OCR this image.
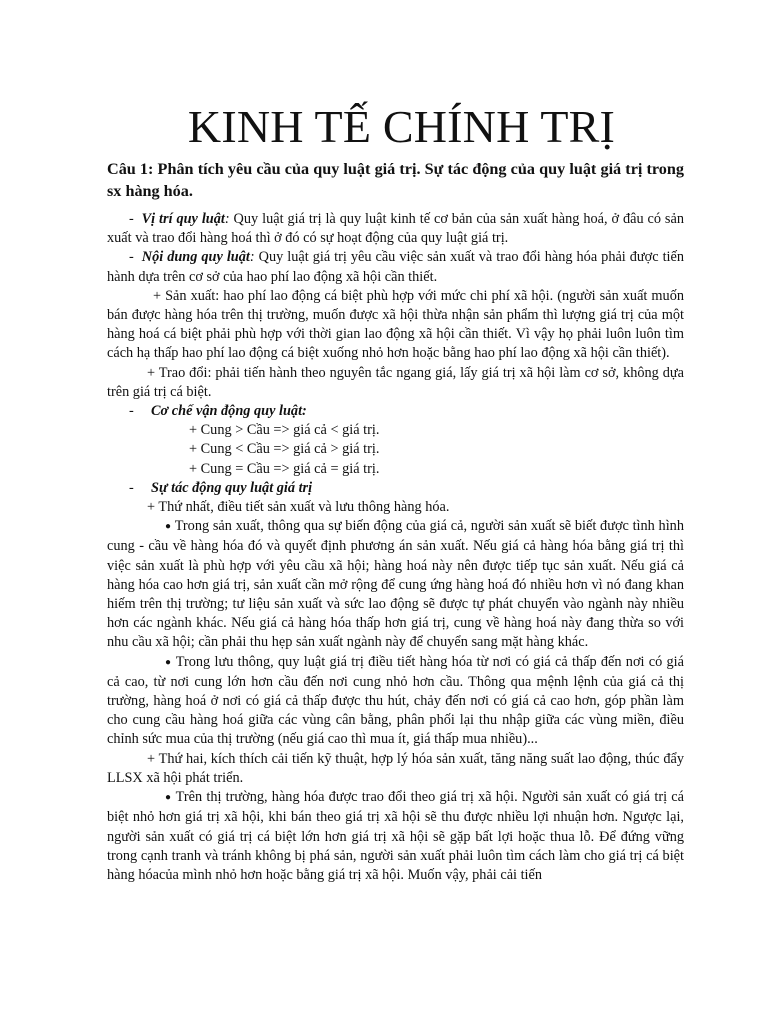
KINH TẾ CHÍNH TRỊ

Câu 1: Phân tích yêu cầu của quy luật giá trị. Sự tác động của quy luật giá trị trong sx hàng hóa.

- Vị trí quy luật: Quy luật giá trị là quy luật kinh tế cơ bản của sản xuất hàng hoá, ở đâu có sản xuất và trao đổi hàng hoá thì ở đó có sự hoạt động của quy luật giá trị.

- Nội dung quy luật: Quy luật giá trị yêu cầu việc sản xuất và trao đổi hàng hóa phải được tiến hành dựa trên cơ sở của hao phí lao động xã hội cần thiết.

+ Sản xuất: hao phí lao động cá biệt phù hợp với mức chi phí xã hội. (người sản xuất muốn bán được hàng hóa trên thị trường, muốn được xã hội thừa nhận sản phẩm thì lượng giá trị của một hàng hoá cá biệt phải phù hợp với thời gian lao động xã hội cần thiết. Vì vậy họ phải luôn luôn tìm cách hạ thấp hao phí lao động cá biệt xuống nhỏ hơn hoặc bằng hao phí lao động xã hội cần thiết).

+ Trao đổi: phải tiến hành theo nguyên tắc ngang giá, lấy giá trị xã hội làm cơ sở, không dựa trên giá trị cá biệt.

- Cơ chế vận động quy luật:

+ Cung > Cầu => giá cả < giá trị.

+ Cung < Cầu => giá cả > giá trị.

+ Cung = Cầu => giá cả = giá trị.

- Sự tác động quy luật giá trị

+ Thứ nhất, điều tiết sản xuất và lưu thông hàng hóa.

● Trong sản xuất, thông qua sự biến động của giá cả, người sản xuất sẽ biết được tình hình cung - cầu về hàng hóa đó và quyết định phương án sản xuất. Nếu giá cả hàng hóa bằng giá trị thì việc sản xuất là phù hợp với yêu cầu xã hội; hàng hoá này nên được tiếp tục sản xuất. Nếu giá cả hàng hóa cao hơn giá trị, sản xuất cần mở rộng để cung ứng hàng hoá đó nhiều hơn vì nó đang khan hiếm trên thị trường; tư liệu sản xuất và sức lao động sẽ được tự phát chuyển vào ngành này nhiều hơn các ngành khác. Nếu giá cả hàng hóa thấp hơn giá trị, cung về hàng hoá này đang thừa so với nhu cầu xã hội; cần phải thu hẹp sản xuất ngành này để chuyển sang mặt hàng khác.

● Trong lưu thông, quy luật giá trị điều tiết hàng hóa từ nơi có giá cả thấp đến nơi có giá cả cao, từ nơi cung lớn hơn cầu đến nơi cung nhỏ hơn cầu. Thông qua mệnh lệnh của giá cả thị trường, hàng hoá ở nơi có giá cả thấp được thu hút, chảy đến nơi có giá cả cao hơn, góp phần làm cho cung cầu hàng hoá giữa các vùng cân bằng, phân phối lại thu nhập giữa các vùng miền, điều chỉnh sức mua của thị trường (nếu giá cao thì mua ít, giá thấp mua nhiều)...

+ Thứ hai, kích thích cải tiến kỹ thuật, hợp lý hóa sản xuất, tăng năng suất lao động, thúc đẩy LLSX xã hội phát triển.

● Trên thị trường, hàng hóa được trao đổi theo giá trị xã hội. Người sản xuất có giá trị cá biệt nhỏ hơn giá trị xã hội, khi bán theo giá trị xã hội sẽ thu được nhiều lợi nhuận hơn. Ngược lại, người sản xuất có giá trị cá biệt lớn hơn giá trị xã hội sẽ gặp bất lợi hoặc thua lỗ. Để đứng vững trong cạnh tranh và tránh không bị phá sản, người sản xuất phải luôn tìm cách làm cho giá trị cá biệt hàng hóacủa mình nhỏ hơn hoặc bằng giá trị xã hội. Muốn vậy, phải cải tiến
